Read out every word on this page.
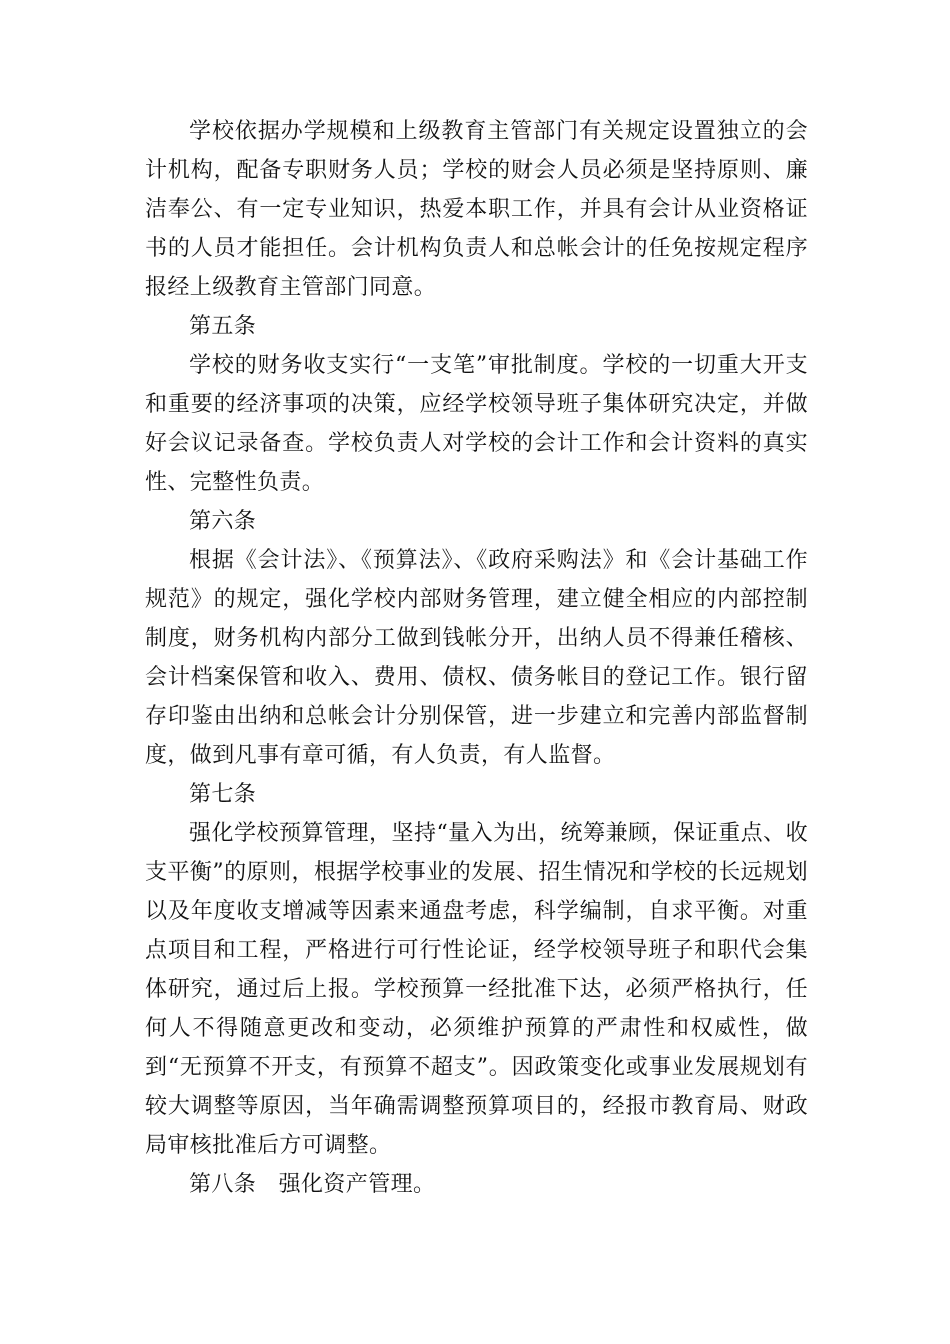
学校依据办学规模和上级教育主管部门有关规定设置独立的会计机构，配备专职财务人员；学校的财会人员必须是坚持原则、廉洁奉公、有一定专业知识，热爱本职工作，并具有会计从业资格证书的人员才能担任。会计机构负责人和总帐会计的任免按规定程序报经上级教育主管部门同意。

第五条

学校的财务收支实行“一支笔”审批制度。学校的一切重大开支和重要的经济事项的决策，应经学校领导班子集体研究决定，并做好会议记录备查。学校负责人对学校的会计工作和会计资料的真实性、完整性负责。

第六条

根据《会计法》、《预算法》、《政府采购法》和《会计基础工作规范》的规定，强化学校内部财务管理，建立健全相应的内部控制制度，财务机构内部分工做到钱帐分开，出纳人员不得兼任稽核、会计档案保管和收入、费用、债权、债务帐目的登记工作。银行留存印鉴由出纳和总帐会计分别保管，进一步建立和完善内部监督制度，做到凡事有章可循，有人负责，有人监督。

第七条

强化学校预算管理，坚持“量入为出，统筹兼顾，保证重点、收支平衡”的原则，根据学校事业的发展、招生情况和学校的长远规划以及年度收支增减等因素来通盘考虑，科学编制，自求平衡。对重点项目和工程，严格进行可行性论证，经学校领导班子和职代会集体研究，通过后上报。学校预算一经批准下达，必须严格执行，任何人不得随意更改和变动，必须维护预算的严肃性和权威性，做到“无预算不开支，有预算不超支”。因政策变化或事业发展规划有较大调整等原因，当年确需调整预算项目的，经报市教育局、财政局审核批准后方可调整。

第八条　强化资产管理。
